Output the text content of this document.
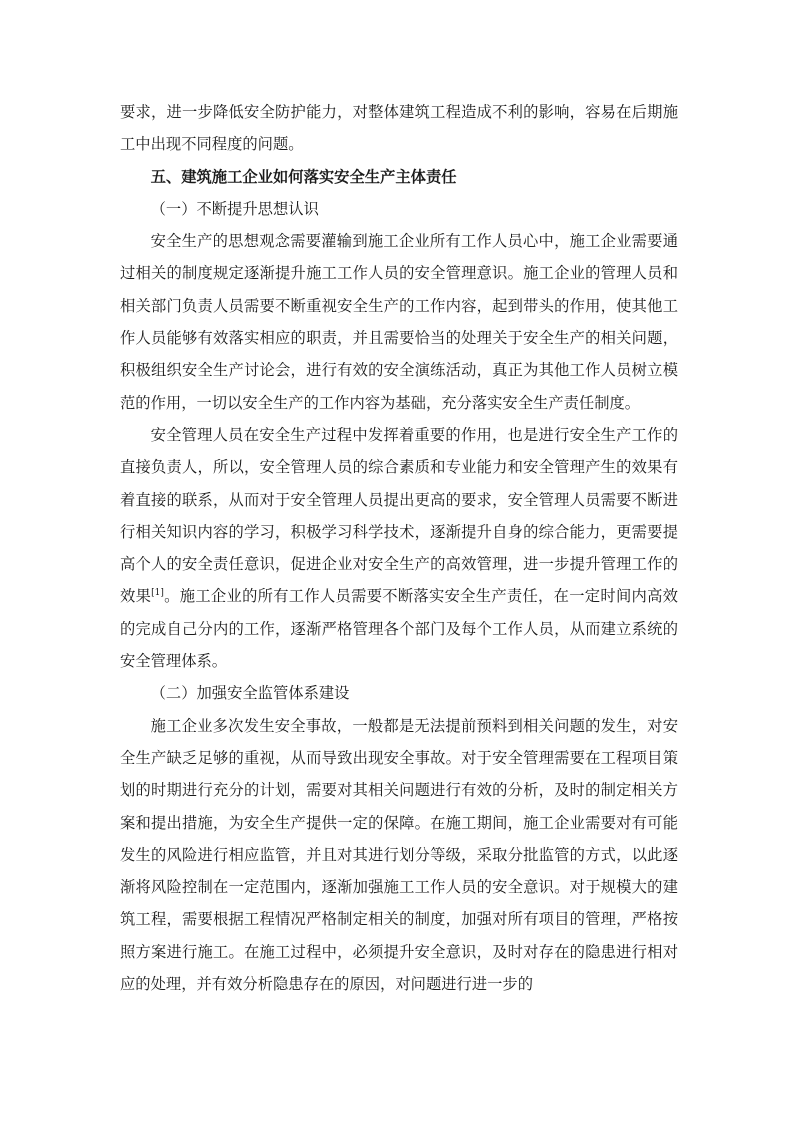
要求，进一步降低安全防护能力，对整体建筑工程造成不利的影响，容易在后期施工中出现不同程度的问题。

五、建筑施工企业如何落实安全生产主体责任

（一）不断提升思想认识

安全生产的思想观念需要灌输到施工企业所有工作人员心中，施工企业需要通过相关的制度规定逐渐提升施工工作人员的安全管理意识。施工企业的管理人员和相关部门负责人员需要不断重视安全生产的工作内容，起到带头的作用，使其他工作人员能够有效落实相应的职责，并且需要恰当的处理关于安全生产的相关问题，积极组织安全生产讨论会，进行有效的安全演练活动，真正为其他工作人员树立模范的作用，一切以安全生产的工作内容为基础，充分落实安全生产责任制度。

安全管理人员在安全生产过程中发挥着重要的作用，也是进行安全生产工作的直接负责人，所以，安全管理人员的综合素质和专业能力和安全管理产生的效果有着直接的联系，从而对于安全管理人员提出更高的要求，安全管理人员需要不断进行相关知识内容的学习，积极学习科学技术，逐渐提升自身的综合能力，更需要提高个人的安全责任意识，促进企业对安全生产的高效管理，进一步提升管理工作的效果[1]。施工企业的所有工作人员需要不断落实安全生产责任，在一定时间内高效的完成自己分内的工作，逐渐严格管理各个部门及每个工作人员，从而建立系统的安全管理体系。

（二）加强安全监管体系建设

施工企业多次发生安全事故，一般都是无法提前预料到相关问题的发生，对安全生产缺乏足够的重视，从而导致出现安全事故。对于安全管理需要在工程项目策划的时期进行充分的计划，需要对其相关问题进行有效的分析，及时的制定相关方案和提出措施，为安全生产提供一定的保障。在施工期间，施工企业需要对有可能发生的风险进行相应监管，并且对其进行划分等级，采取分批监管的方式，以此逐渐将风险控制在一定范围内，逐渐加强施工工作人员的安全意识。对于规模大的建筑工程，需要根据工程情况严格制定相关的制度，加强对所有项目的管理，严格按照方案进行施工。在施工过程中，必须提升安全意识，及时对存在的隐患进行相对应的处理，并有效分析隐患存在的原因，对问题进行进一步的
